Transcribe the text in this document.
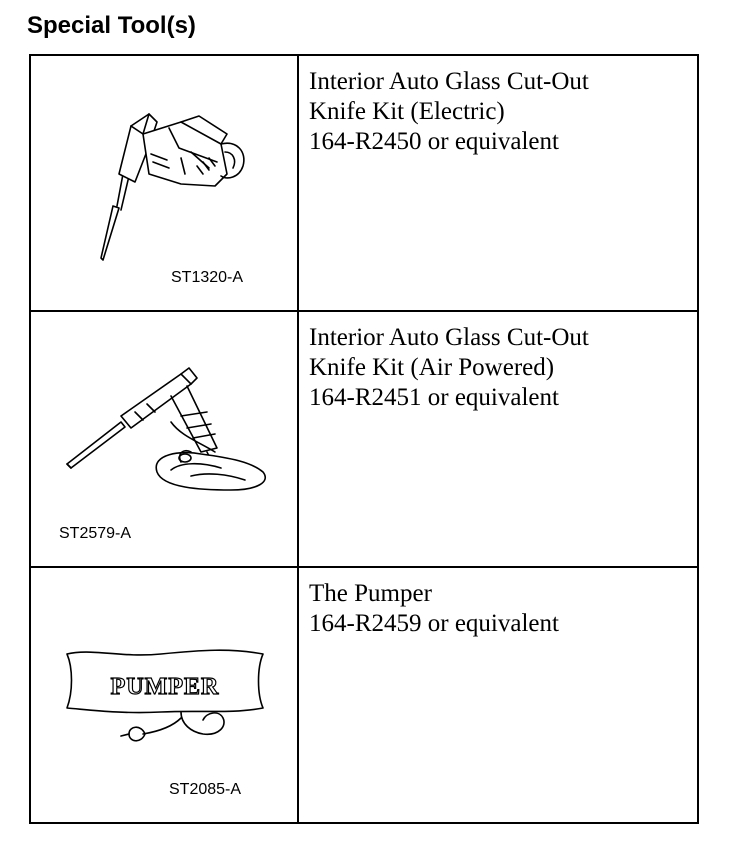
Special Tool(s)
ST1320-A	Interior Auto Glass Cut-Out
Knife Kit (Electric)
164-R2450 or equivalent

ST2579-A	Interior Auto Glass Cut-Out
Knife Kit (Air Powered)
164-R2451 or equivalent

PUMPER
ST2085-A	The Pumper
164-R2459 or equivalent
